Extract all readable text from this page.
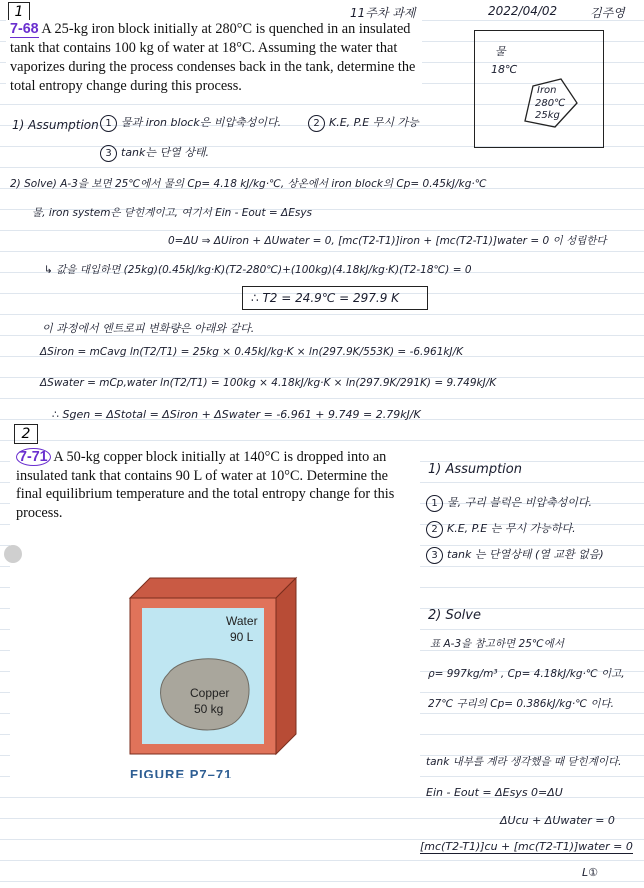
11주차 과제	2022/04/02	김주영
1
7-68 A 25-kg iron block initially at 280°C is quenched in an insulated tank that contains 100 kg of water at 18°C. Assuming the water that vaporizes during the process condenses back in the tank, determine the total entropy change during this process.
물
18℃
Iron
280℃
25kg
1) Assumption 1 물과 iron block은 비압축성이다.	2 K.E, P.E 무시 가능
3 tank는 단열 상태.
2) Solve) A-3을 보면 25℃에서 물의 Cp= 4.18 kJ/kg·℃, 상온에서 iron block의 Cp= 0.45kJ/kg·℃
물, iron system은 닫힌계이고, 여기서 Ein - Eout = ΔEsys
0=ΔU ⇒ ΔUiron + ΔUwater = 0, [mc(T2-T1)]iron + [mc(T2-T1)]water = 0 이 성립한다
↳ 값을 대입하면 (25kg)(0.45kJ/kg·K)(T2-280℃)+(100kg)(4.18kJ/kg·K)(T2-18℃) = 0
∴ T2 = 24.9℃ = 297.9 K
이 과정에서 엔트로피 변화량은 아래와 같다.
ΔSiron = mCavg ln(T2/T1) = 25kg × 0.45kJ/kg·K × ln(297.9K/553K) = -6.961kJ/K
ΔSwater = mCp,water ln(T2/T1) = 100kg × 4.18kJ/kg·K × ln(297.9K/291K) = 9.749kJ/K
∴ Sgen = ΔStotal = ΔSiron + ΔSwater = -6.961 + 9.749 = 2.79kJ/K
2
7-71 A 50-kg copper block initially at 140°C is dropped into an insulated tank that contains 90 L of water at 10°C. Determine the final equilibrium temperature and the total entropy change for this process.
Water
90 L
Copper
50 kg
FIGURE P7–71
1) Assumption
1 물, 구리 블럭은 비압축성이다.
2 K.E, P.E 는 무시 가능하다.
3 tank 는 단열상태 (열 교환 없음)
2) Solve
표 A-3을 참고하면 25℃에서
ρ= 997kg/m³ , Cp= 4.18kJ/kg·℃ 이고,
27℃ 구리의 Cp= 0.386kJ/kg·℃ 이다.
tank 내부를 계라 생각했을 때 닫힌계이다.
Ein - Eout = ΔEsys 0=ΔU
ΔUcu + ΔUwater = 0
[mc(T2-T1)]cu + [mc(T2-T1)]water = 0
L①
